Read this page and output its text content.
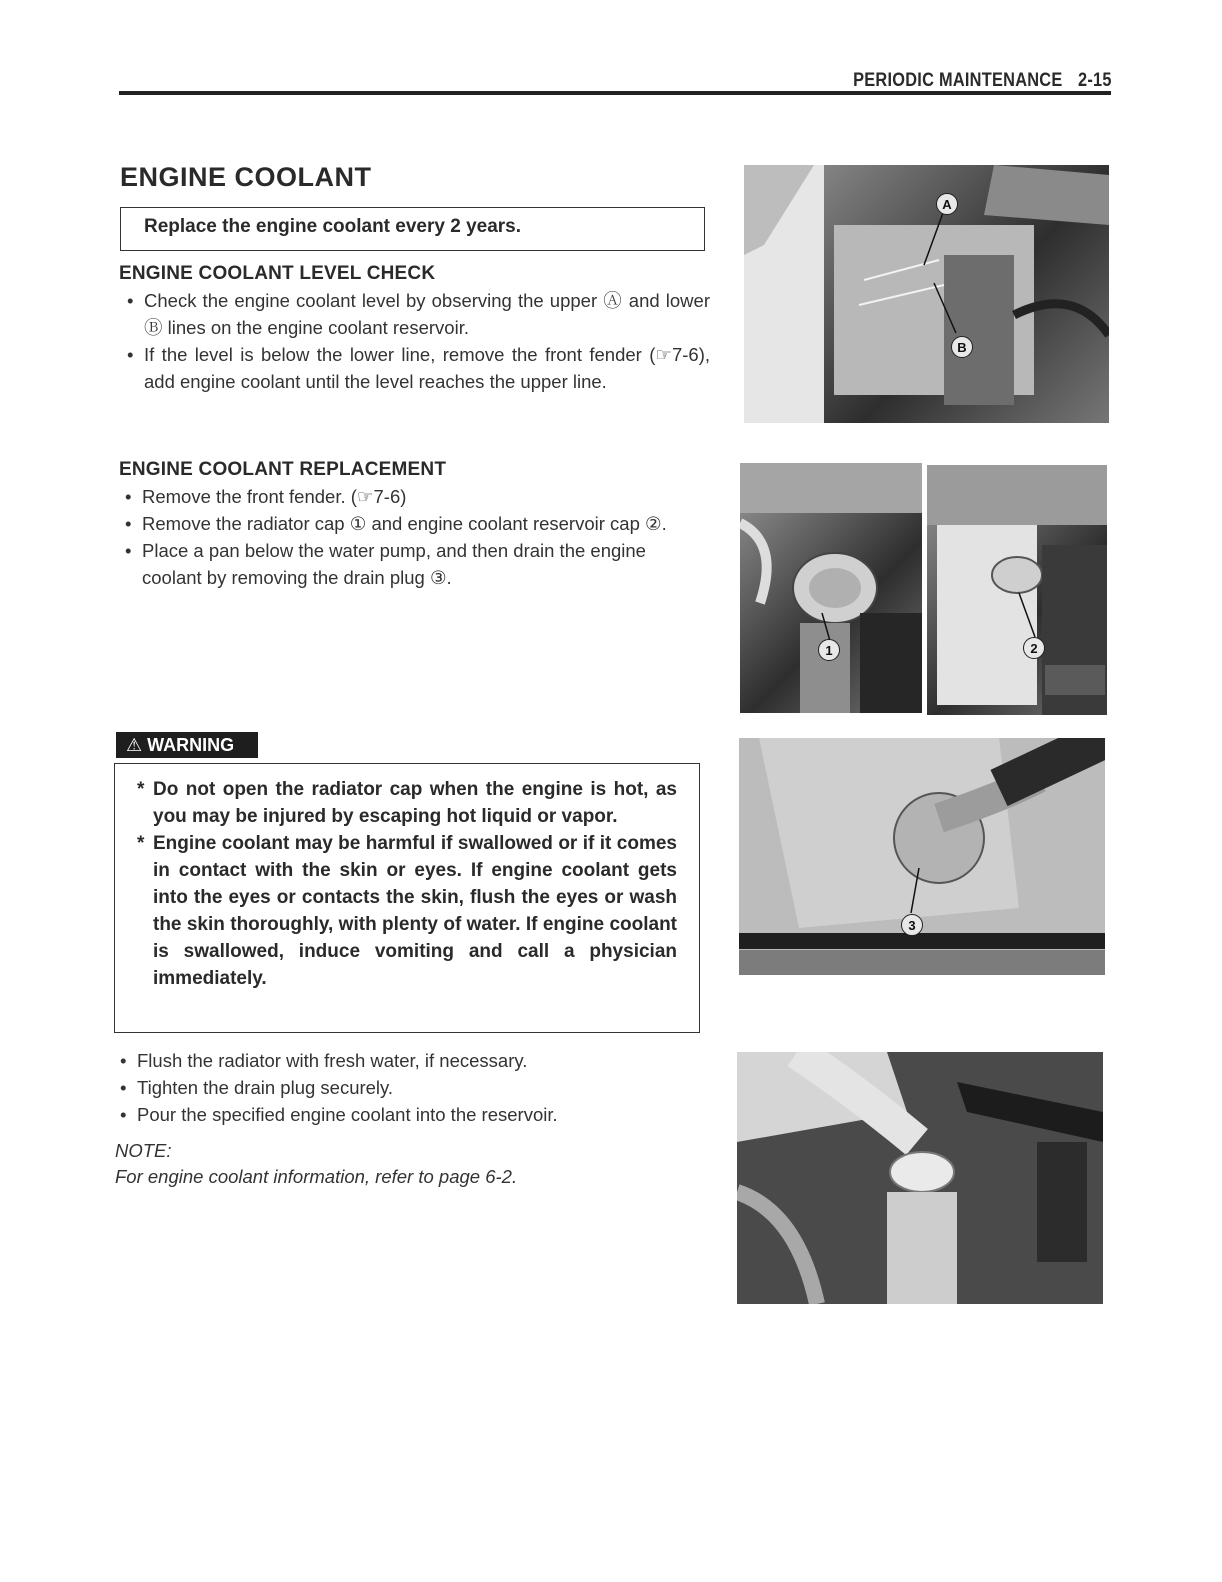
PERIODIC MAINTENANCE 2-15
ENGINE COOLANT
Replace the engine coolant every 2 years.
ENGINE COOLANT LEVEL CHECK
• Check the engine coolant level by observing the upper Ⓐ and lower Ⓑ lines on the engine coolant reservoir.
• If the level is below the lower line, remove the front fender (☞7-6), add engine coolant until the level reaches the upper line.
ENGINE COOLANT REPLACEMENT
• Remove the front fender. (☞7-6)
• Remove the radiator cap ① and engine coolant reservoir cap ②.
• Place a pan below the water pump, and then drain the engine coolant by removing the drain plug ③.
⚠ WARNING

* Do not open the radiator cap when the engine is hot, as you may be injured by escaping hot liquid or vapor.

* Engine coolant may be harmful if swallowed or if it comes in contact with the skin or eyes. If engine coolant gets into the eyes or contacts the skin, flush the eyes or wash the skin thoroughly, with plenty of water. If engine coolant is swallowed, induce vomiting and call a physician immediately.

• Flush the radiator with fresh water, if necessary.
• Tighten the drain plug securely.
• Pour the specified engine coolant into the reservoir.
NOTE:
For engine coolant information, refer to page 6-2.
A
B
1	2
3
